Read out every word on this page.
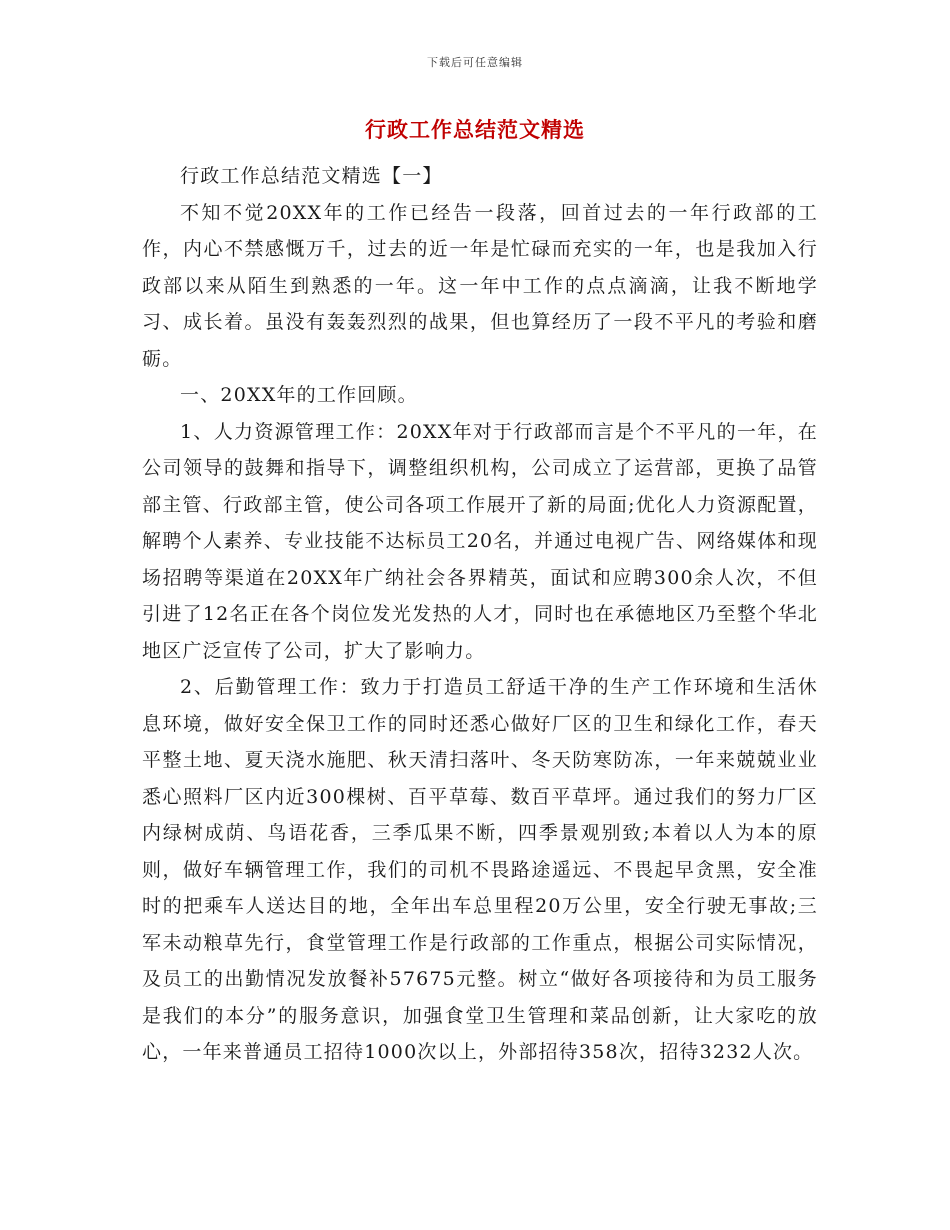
下载后可任意编辑
行政工作总结范文精选

行政工作总结范文精选【一】

不知不觉20XX年的工作已经告一段落，回首过去的一年行政部的工作，内心不禁感慨万千，过去的近一年是忙碌而充实的一年，也是我加入行政部以来从陌生到熟悉的一年。这一年中工作的点点滴滴，让我不断地学习、成长着。虽没有轰轰烈烈的战果，但也算经历了一段不平凡的考验和磨砺。

一、20XX年的工作回顾。

1、人力资源管理工作：20XX年对于行政部而言是个不平凡的一年，在公司领导的鼓舞和指导下，调整组织机构，公司成立了运营部，更换了品管部主管、行政部主管，使公司各项工作展开了新的局面;优化人力资源配置，解聘个人素养、专业技能不达标员工20名，并通过电视广告、网络媒体和现场招聘等渠道在20XX年广纳社会各界精英，面试和应聘300余人次，不但引进了12名正在各个岗位发光发热的人才，同时也在承德地区乃至整个华北地区广泛宣传了公司，扩大了影响力。

2、后勤管理工作：致力于打造员工舒适干净的生产工作环境和生活休息环境，做好安全保卫工作的同时还悉心做好厂区的卫生和绿化工作，春天平整土地、夏天浇水施肥、秋天清扫落叶、冬天防寒防冻，一年来兢兢业业悉心照料厂区内近300棵树、百平草莓、数百平草坪。通过我们的努力厂区内绿树成荫、鸟语花香，三季瓜果不断，四季景观别致;本着以人为本的原则，做好车辆管理工作，我们的司机不畏路途遥远、不畏起早贪黑，安全准时的把乘车人送达目的地，全年出车总里程20万公里，安全行驶无事故;三军未动粮草先行，食堂管理工作是行政部的工作重点，根据公司实际情况，及员工的出勤情况发放餐补57675元整。树立“做好各项接待和为员工服务是我们的本分”的服务意识，加强食堂卫生管理和菜品创新，让大家吃的放心，一年来普通员工招待1000次以上，外部招待358次，招待3232人次。
